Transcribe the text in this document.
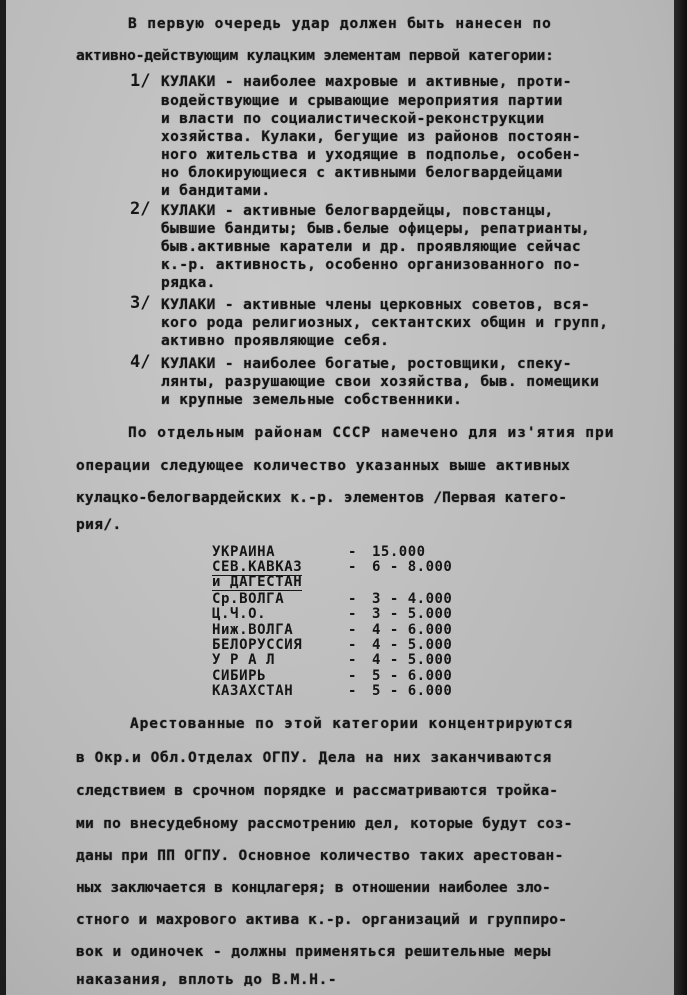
В первую очередь удар должен быть нанесен по
активно-действующим кулацким элементам первой категории:
1/ КУЛАКИ - наиболее махровые и активные, проти-
водействующие и срывающие мероприятия партии
и власти по социалистической-реконструкции
хозяйства. Кулаки, бегущие из районов постоян-
ного жительства и уходящие в подполье, особен-
но блокирующиеся с активными белогвардейцами
и бандитами.
2/ КУЛАКИ - активные белогвардейцы, повстанцы,
бывшие бандиты; быв.белые офицеры, репатрианты,
быв.активные каратели и др. проявляющие сейчас
к.-р. активность, особенно организованного по-
рядка.
3/ КУЛАКИ - активные члены церковных советов, вся-
кого рода религиозных, сектантских общин и групп,
активно проявляющие себя.
4/ КУЛАКИ - наиболее богатые, ростовщики, спеку-
лянты, разрушающие свои хозяйства, быв. помещики
и крупные земельные собственники.
По отдельным районам СССР намечено для из'ятия при
операции следующее количество указанных выше активных
кулацко-белогвардейских к.-р. элементов /Первая катего-
рия/.
УКРАИНА	- 15.000
СЕВ.КАВКАЗ	- 6 - 8.000
и ДАГЕСТАН
Ср.ВОЛГА	- 3 - 4.000
Ц.Ч.О.	- 3 - 5.000
Ниж.ВОЛГА	- 4 - 6.000
БЕЛОРУССИЯ	- 4 - 5.000
У Р А Л	- 4 - 5.000
СИБИРЬ	- 5 - 6.000
КАЗАХСТАН	- 5 - 6.000
Арестованные по этой категории концентрируются
в Окр.и Обл.Отделах ОГПУ. Дела на них заканчиваются
следствием в срочном порядке и рассматриваются тройка-
ми по внесудебному рассмотрению дел, которые будут соз-
даны при ПП ОГПУ. Основное количество таких арестован-
ных заключается в концлагеря; в отношении наиболее зло-
стного и махрового актива к.-р. организаций и группиро-
вок и одиночек - должны применяться решительные меры
наказания, вплоть до В.М.Н.-
